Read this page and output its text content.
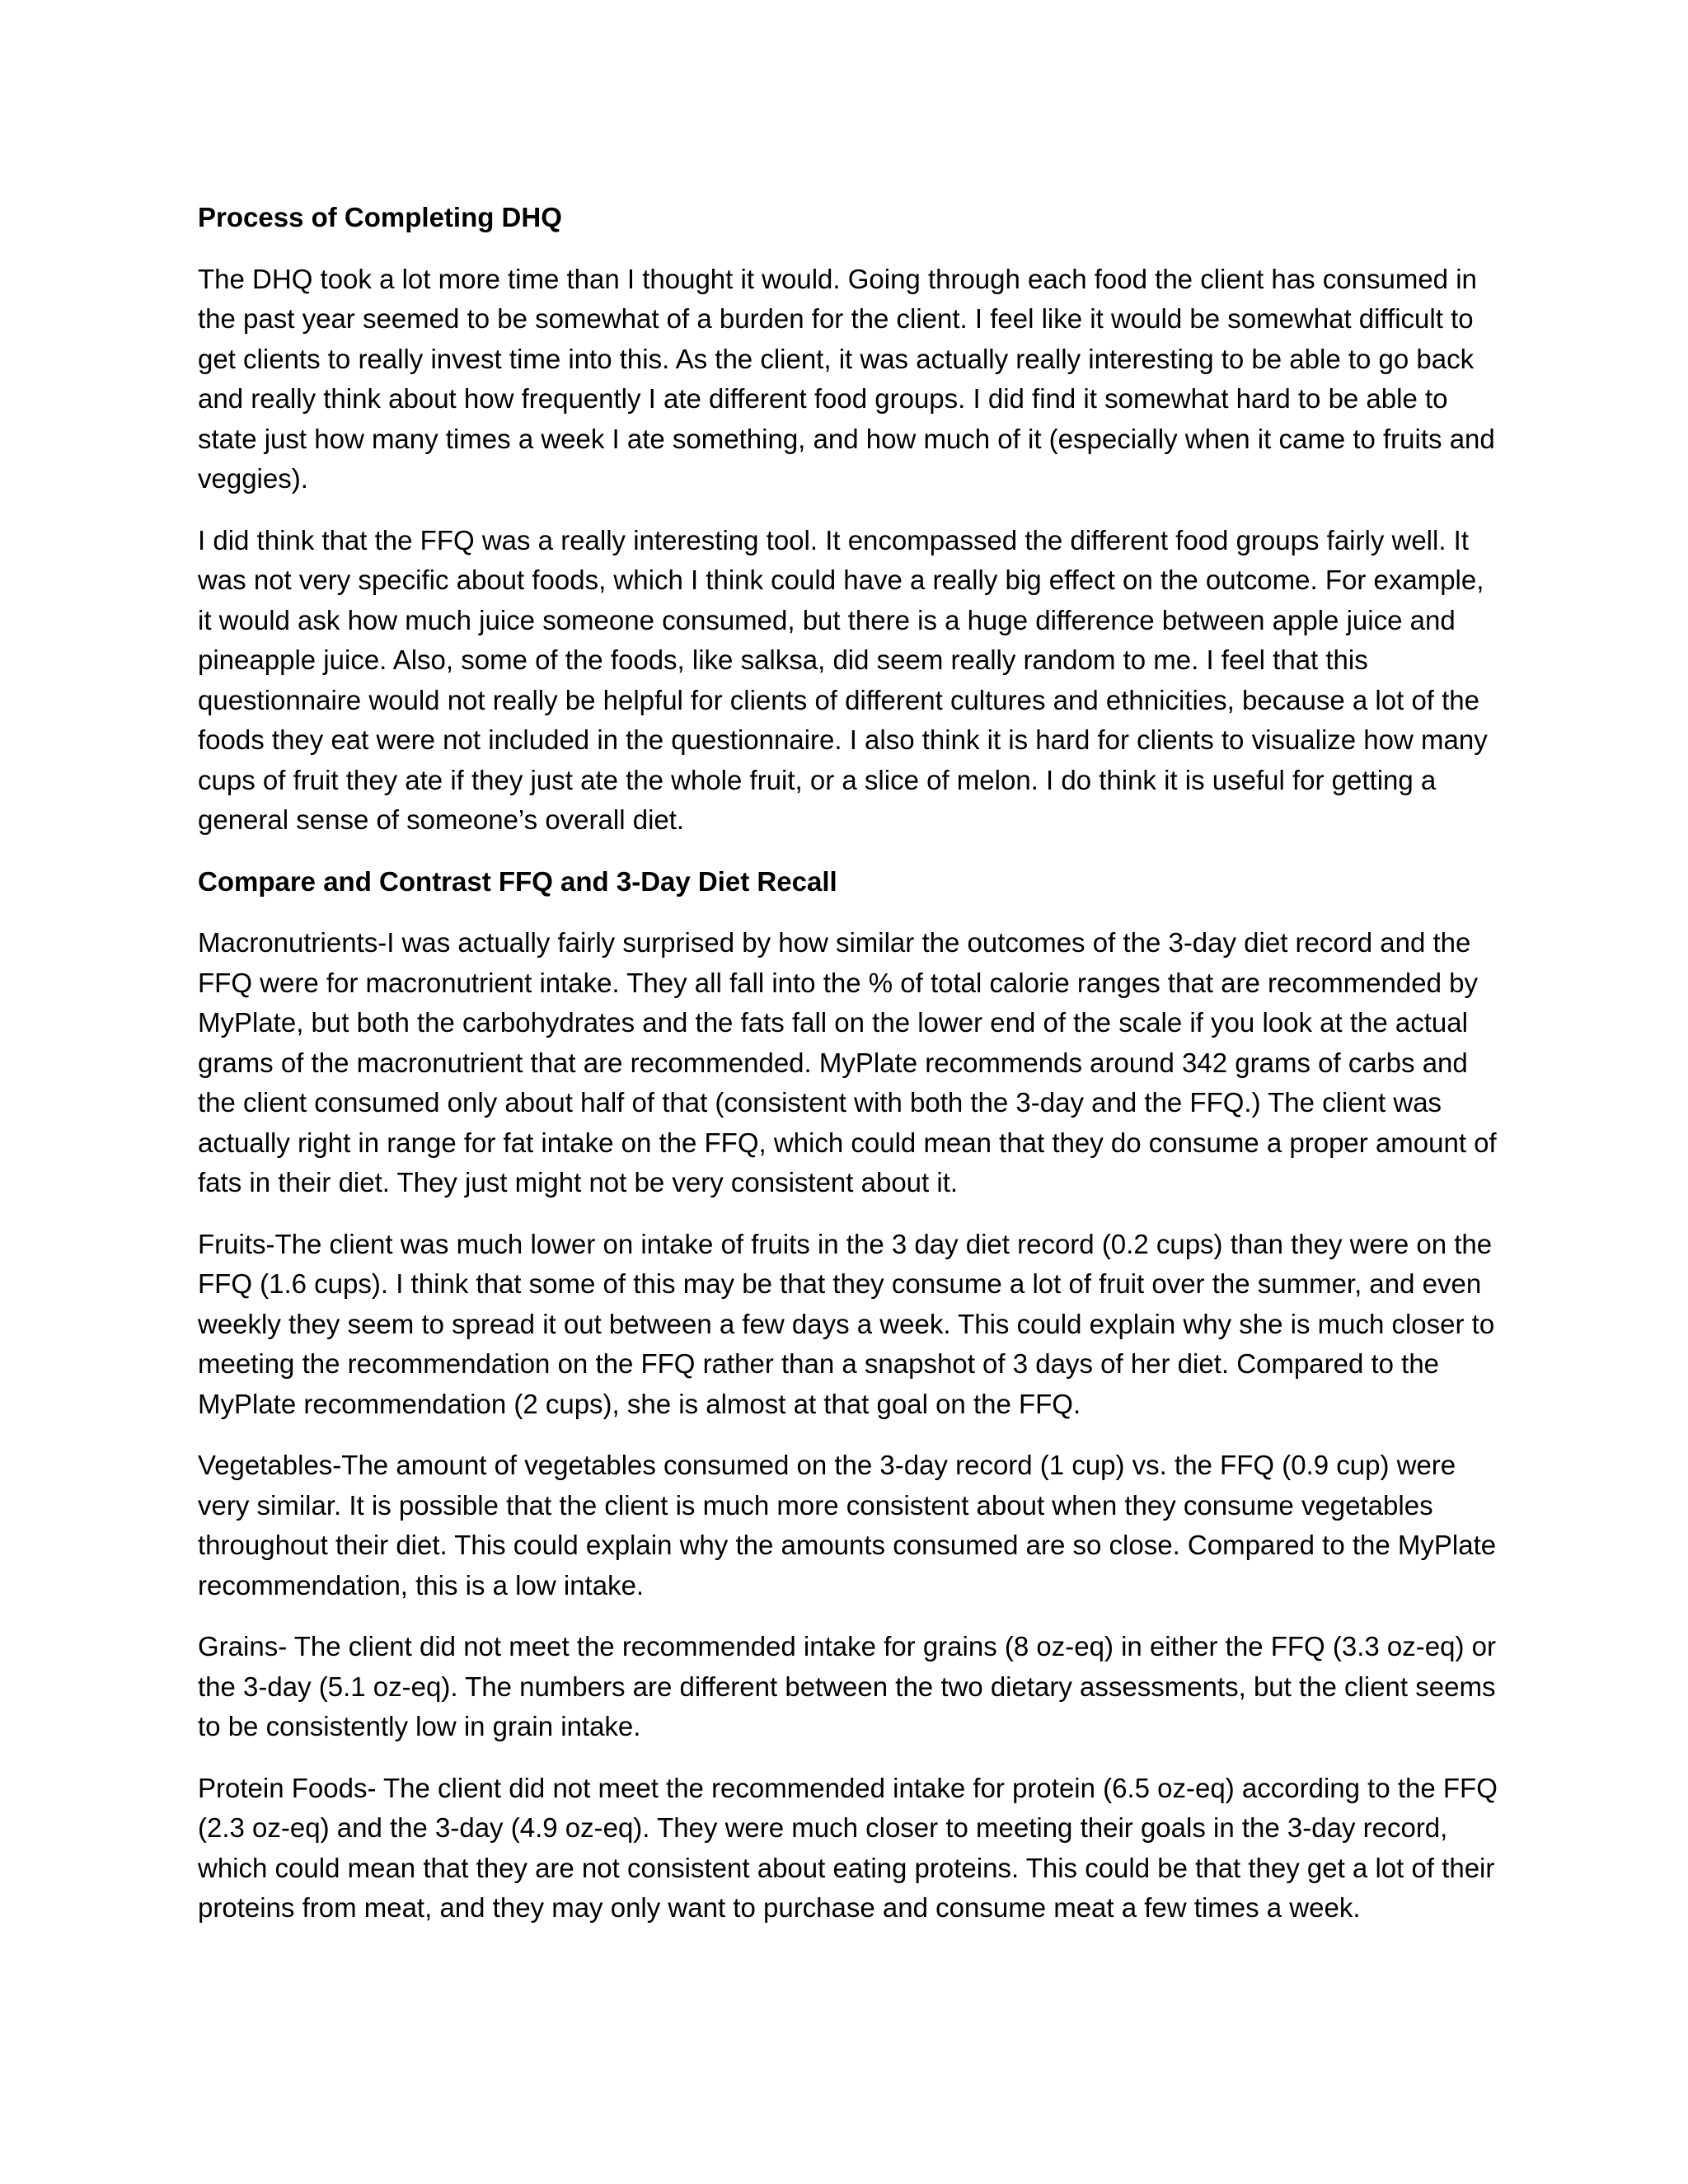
Process of Completing DHQ

The DHQ took a lot more time than I thought it would. Going through each food the client has consumed in the past year seemed to be somewhat of a burden for the client. I feel like it would be somewhat difficult to get clients to really invest time into this. As the client, it was actually really interesting to be able to go back and really think about how frequently I ate different food groups. I did find it somewhat hard to be able to state just how many times a week I ate something, and how much of it (especially when it came to fruits and veggies).

I did think that the FFQ was a really interesting tool. It encompassed the different food groups fairly well. It was not very specific about foods, which I think could have a really big effect on the outcome. For example, it would ask how much juice someone consumed, but there is a huge difference between apple juice and pineapple juice. Also, some of the foods, like salksa, did seem really random to me. I feel that this questionnaire would not really be helpful for clients of different cultures and ethnicities, because a lot of the foods they eat were not included in the questionnaire. I also think it is hard for clients to visualize how many cups of fruit they ate if they just ate the whole fruit, or a slice of melon. I do think it is useful for getting a general sense of someone’s overall diet.

Compare and Contrast FFQ and 3-Day Diet Recall

Macronutrients-I was actually fairly surprised by how similar the outcomes of the 3-day diet record and the FFQ were for macronutrient intake. They all fall into the % of total calorie ranges that are recommended by MyPlate, but both the carbohydrates and the fats fall on the lower end of the scale if you look at the actual grams of the macronutrient that are recommended. MyPlate recommends around 342 grams of carbs and the client consumed only about half of that (consistent with both the 3-day and the FFQ.) The client was actually right in range for fat intake on the FFQ, which could mean that they do consume a proper amount of fats in their diet. They just might not be very consistent about it.

Fruits-The client was much lower on intake of fruits in the 3 day diet record (0.2 cups) than they were on the FFQ (1.6 cups). I think that some of this may be that they consume a lot of fruit over the summer, and even weekly they seem to spread it out between a few days a week. This could explain why she is much closer to meeting the recommendation on the FFQ rather than a snapshot of 3 days of her diet. Compared to the MyPlate recommendation (2 cups), she is almost at that goal on the FFQ.

Vegetables-The amount of vegetables consumed on the 3-day record (1 cup) vs. the FFQ (0.9 cup) were very similar. It is possible that the client is much more consistent about when they consume vegetables throughout their diet. This could explain why the amounts consumed are so close. Compared to the MyPlate recommendation, this is a low intake.

Grains- The client did not meet the recommended intake for grains (8 oz-eq) in either the FFQ (3.3 oz-eq) or the 3-day (5.1 oz-eq). The numbers are different between the two dietary assessments, but the client seems to be consistently low in grain intake.

Protein Foods- The client did not meet the recommended intake for protein (6.5 oz-eq) according to the FFQ (2.3 oz-eq) and the 3-day (4.9 oz-eq). They were much closer to meeting their goals in the 3-day record, which could mean that they are not consistent about eating proteins. This could be that they get a lot of their proteins from meat, and they may only want to purchase and consume meat a few times a week.
